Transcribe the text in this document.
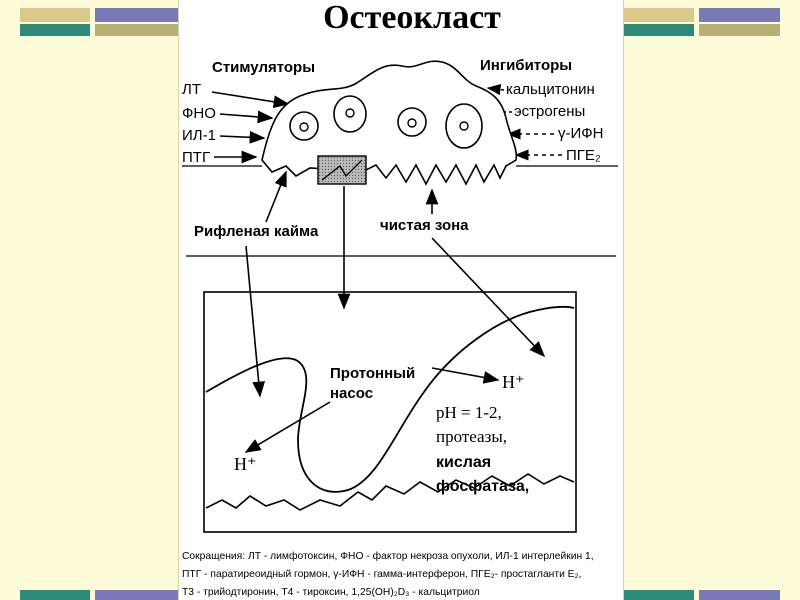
Остеокласт
Стимуляторы	Ингибиторы
ЛТ
ФНО
ИЛ-1
ПТГ
кальцитонин
эстрогены
γ-ИФН
ПГЕ₂
Рифленая кайма	чистая зона
Протонный
насос
H⁺
H⁺
pH = 1-2,
протеазы,
кислая
фосфатаза,
Сокращения: ЛТ - лимфотоксин, ФНО - фактор некроза опухоли, ИЛ-1 интерлейкин 1,
ПТГ - паратиреоидный гормон, γ-ИФН - гамма-интерферон, ПГЕ₂- простагланти Е₂,
Т3 - трийодтиронин, Т4 - тироксин, 1,25(OH)₂D₃ - кальцитриол
